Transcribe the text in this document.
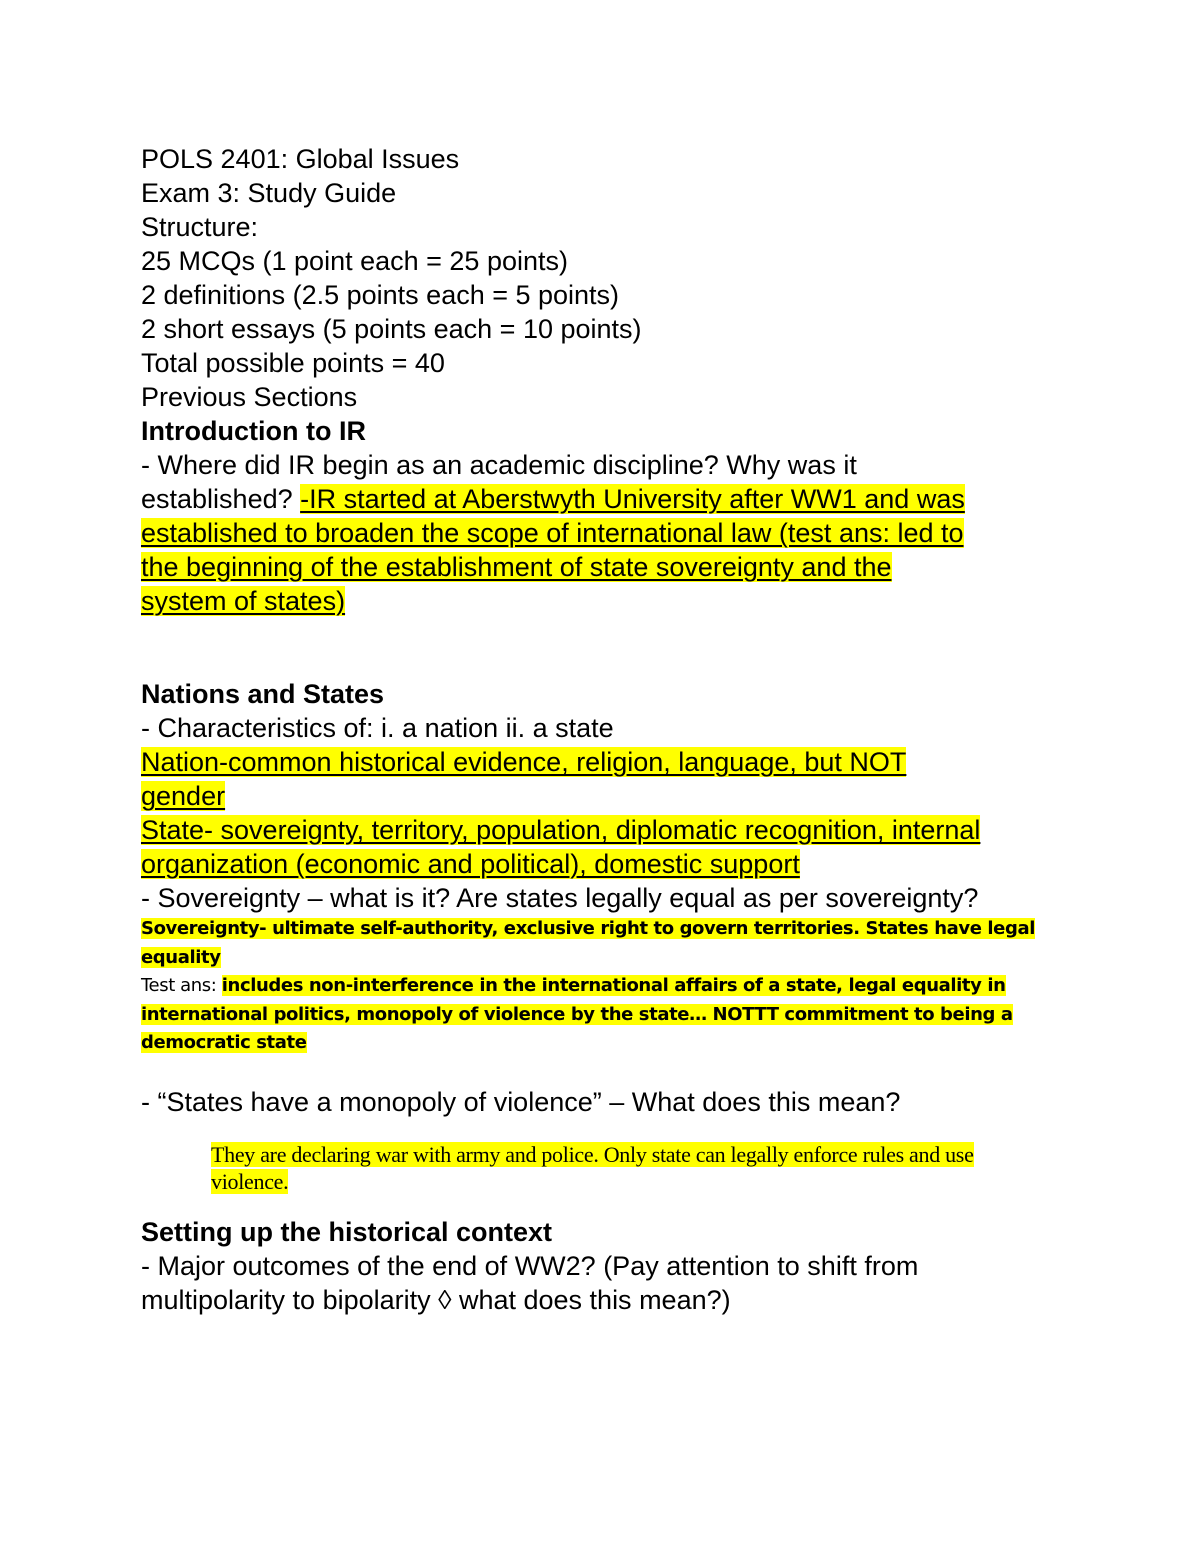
POLS 2401: Global Issues

Exam 3: Study Guide

Structure:

25 MCQs (1 point each = 25 points)

2 definitions (2.5 points each = 5 points)

2 short essays (5 points each = 10 points)

Total possible points = 40

Previous Sections

Introduction to IR

- Where did IR begin as an academic discipline? Why was it

established? -IR started at Aberstwyth University after WW1 and was

established to broaden the scope of international law (test ans: led to

the beginning of the establishment of state sovereignty and the

system of states)

Nations and States

- Characteristics of: i. a nation ii. a state

Nation-common historical evidence, religion, language, but NOT

gender

State- sovereignty, territory, population, diplomatic recognition, internal

organization (economic and political), domestic support

- Sovereignty – what is it? Are states legally equal as per sovereignty?

Sovereignty- ultimate self-authority, exclusive right to govern territories. States have legal

equality

Test ans: includes non-interference in the international affairs of a state, legal equality in

international politics, monopoly of violence by the state… NOTTT commitment to being a

democratic state

- “States have a monopoly of violence” – What does this mean?

They are declaring war with army and police. Only state can legally enforce rules and use

violence.

Setting up the historical context

- Major outcomes of the end of WW2? (Pay attention to shift from

multipolarity to bipolarity ◊ what does this mean?)
